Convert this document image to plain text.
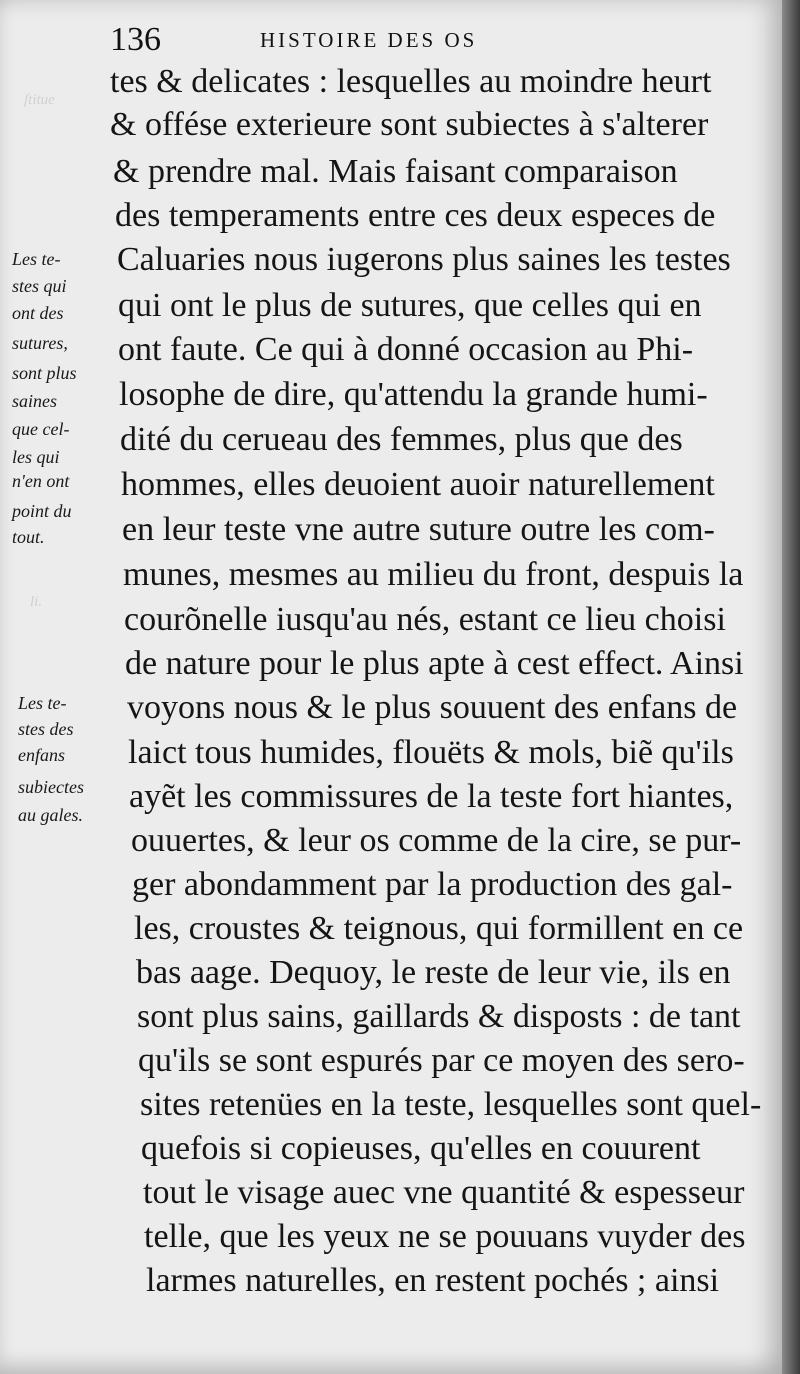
ſtitue
li.
136	HISTOIRE DES OS
Les te-
stes qui
ont des
sutures,
sont plus
saines
que cel-
les qui
n'en ont
point du
tout.
Les te-
stes des
enfans
subiectes
au gales.
tes & delicates : lesquelles au moindre heurt
& offése exterieure sont subiectes à s'alterer
& prendre mal. Mais faisant comparaison
des temperaments entre ces deux especes de
Caluaries nous iugerons plus saines les testes
qui ont le plus de sutures, que celles qui en
ont faute. Ce qui à donné occasion au Phi-
losophe de dire, qu'attendu la grande humi-
dité du cerueau des femmes, plus que des
hommes, elles deuoient auoir naturellement
en leur teste vne autre suture outre les com-
munes, mesmes au milieu du front, despuis la
courõnelle iusqu'au nés, estant ce lieu choisi
de nature pour le plus apte à cest effect. Ainsi
voyons nous & le plus souuent des enfans de
laict tous humides, flouëts & mols, biẽ qu'ils
ayẽt les commissures de la teste fort hiantes,
ouuertes, & leur os comme de la cire, se pur-
ger abondamment par la production des gal-
les, croustes & teignous, qui formillent en ce
bas aage. Dequoy, le reste de leur vie, ils en
sont plus sains, gaillards & disposts : de tant
qu'ils se sont espurés par ce moyen des sero-
sites retenües en la teste, lesquelles sont quel-
quefois si copieuses, qu'elles en couurent
tout le visage auec vne quantité & espesseur
telle, que les yeux ne se pouuans vuyder des
larmes naturelles, en restent pochés ; ainsi
